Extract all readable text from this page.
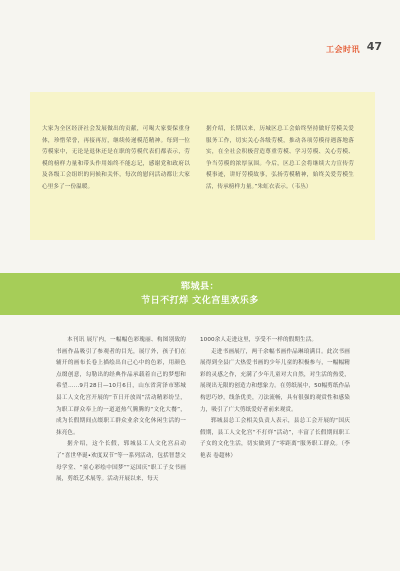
工会时讯 47
大家为全区经济社会发展做出的贡献，可喝大家要保重身体，珍惜荣誉，再接再厉，继续传递模范精神。每到一位劳模家中，无论是退休还是在职的劳模代表们都表示，劳模的榜样力量和带头作用始终不能忘记，感谢党和政府以及各级工会组织的问候和关怀，每次的慰问活动都让大家心里多了一份温暖。
据介绍，长期以来，历城区总工会始终坚持做好劳模关爱服务工作，切实关心各级劳模，推动各项劳模待遇落地落实，在全社会积极营造尊重劳模、学习劳模、关心劳模、争当劳模的浓厚氛围。今后，区总工会将继续大力宣传劳模事迹，讲好劳模故事，弘扬劳模精神，始终关爱劳模生活，传承榜样力量。”朱虹衣表示。（韦丛）
郓城县：
节日不打烊 文化宫里欢乐多

本刊讯 展厅内，一幅幅色彩瑰丽、构图别致的书画作品吸引了参观者的目光，展厅外，孩子们在辅开的画布长卷上描绘出自己心中的色彩，用颜色点缀创意，勾勒出的经典作品承载着自己的梦想和希望……9月28日—10月6日，山东省菏泽市郓城县工人文化宫开展的“节日开放周”活动精彩纷呈，为职工群众奉上的一道道热气腾腾的“文化大餐”，成为长假期间点缀职工群众业余文化休闲生活的一抹亮色。

据介绍，这个长假，郓城县工人文化宫启动了“喜世华诞•欢度双节”等一系列活动，包括智慧父母学堂、“童心彩绘中国梦”“运国庆“职工子女书画展，剪纸艺术展等。活动开展以来，每天

1000余人走进这里，享受不一样的假期生活。

走进书画展厅，两千余幅书画作品琳琅满目。此次书画展得到全县广大热爱书画的少年儿童的积极参与，一幅幅精彩的灵感之作，充满了少年儿童对大自然，对生活的热爱，展现出无限的创造力和想象力。在剪纸展中，50幅剪纸作品构思巧妙，线条优美，刀法流畅，具有很强的观赏性和感染力，吸引了广大剪纸爱好者前来观赏。

郓城县总工会相关负责人表示，县总工会开展的“国庆假期，县工人文化宫“不打烊”活动”，丰富了长假期间职工子女的文化生活，切实做到了“零距离”服务职工群众。（李艳表 卷超林）
